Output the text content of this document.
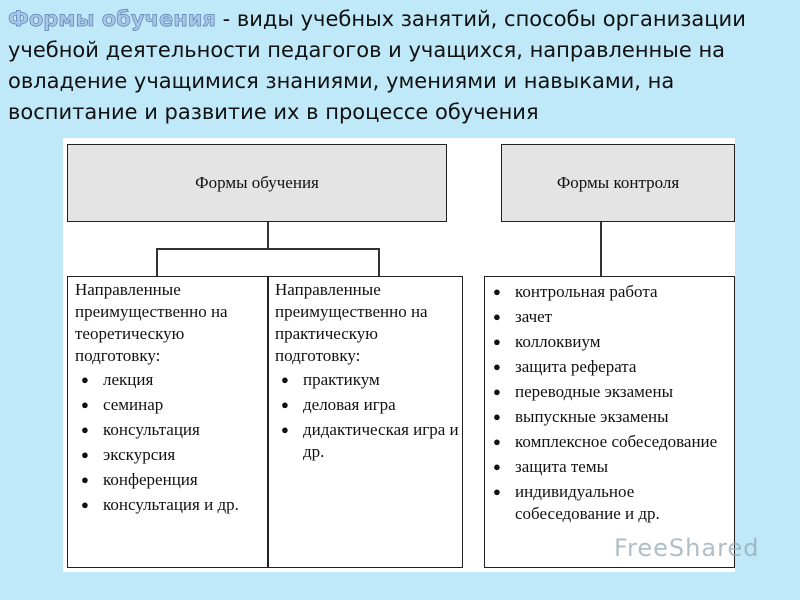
Формы обучения - виды учебных занятий, способы организации учебной деятельности педагогов и учащихся, направленные на овладение учащимися знаниями, умениями и навыками, на воспитание и развитие их в процессе обучения
Формы обучения	Формы контроля
Направленные преимущественно на теоретическую подготовку:
● лекция
● семинар
● консультация
● экскурсия
● конференция
● консультация и др.
Направленные преимущественно на практическую подготовку:
● практикум
● деловая игра
● дидактическая игра и др.
● контрольная работа
● зачет
● коллоквиум
● защита реферата
● переводные экзамены
● выпускные экзамены
● комплексное собеседование
● защита темы
● индивидуальное собеседование и др.
FreeShared
